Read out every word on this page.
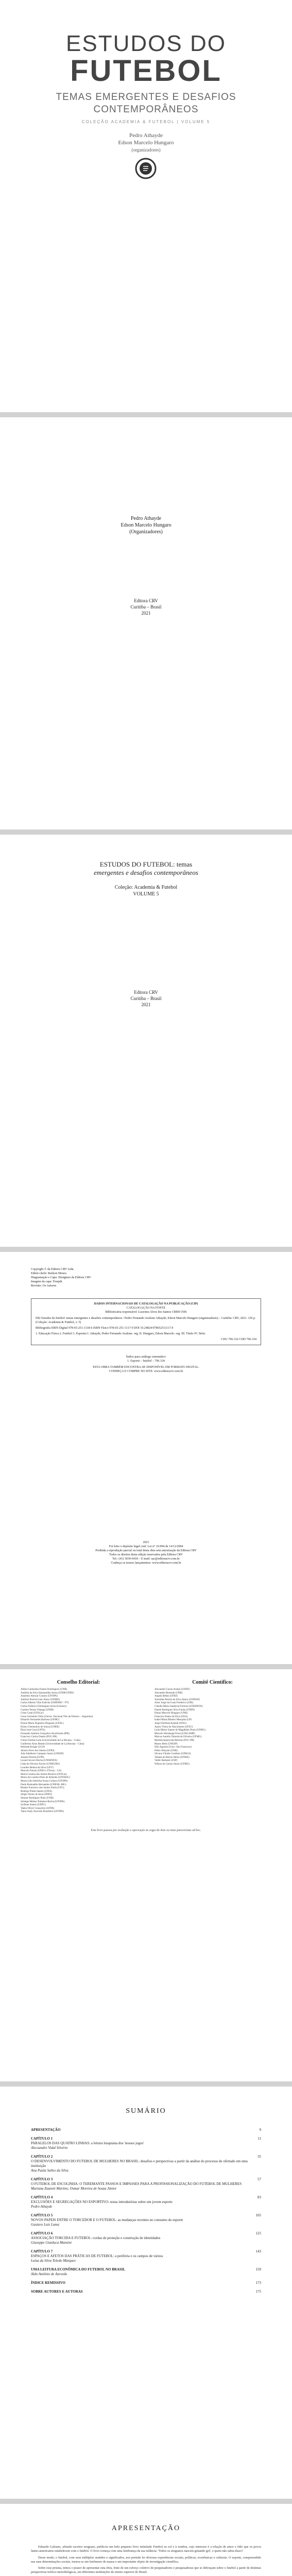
ESTUDOS DO
FUTEBOL
TEMAS EMERGENTES E DESAFIOS
CONTEMPORÂNEOS
COLEÇÃO ACADEMIA & FUTEBOL | VOLUME 5
Pedro Athayde
Edson Marcelo Hungaro
(organizadores)
Pedro Athayde
Edson Marcelo Hungaro
(Organizadores)
Editora CRV
Curitiba – Brasil
2021
ESTUDOS DO FUTEBOL: temas
emergentes e desafios contemporâneos
Coleção: Academia & Futebol
VOLUME 5
Editora CRV
Curitiba – Brasil
2021
Copyright © da Editora CRV Ltda.
Editor-chefe: Railson Moura
Diagramação e Capa: Designers da Editora CRV
Imagem da capa: Freepik
Revisão: Os Autores
DADOS INTERNACIONAIS DE CATALOGAÇÃO NA PUBLICAÇÃO (CIP)
CATALOGAÇÃO NA FONTE
Bibliotecária responsável: Luzenira Alves dos Santos CRB9/1506
E82 Estudos do futebol: temas emergentes e desafios contemporâneos / Pedro Fernando Avalone Athayde, Edson Marcelo Hungaro (organizadores) – Curitiba: CRV, 2021. 156 p. (Coleção: Academia & Futebol, v. 5)
Bibliografia ISBN Digital 978-65-251-1118-6 ISBN Físico 978-65-251-1117-9 DOI 10.24824/978652511117.9
1. Educação Física 2. Futebol 3. Esportes I. Athayde, Pedro Fernando Avalone. org. II. Hungaro, Edson Marcelo. org. III. Título IV. Série.
CDU 796.332 CDD 796.334
Índice para catálogo sistemático
1. Esporte – futebol – 796.334
ESTA OBRA TAMBÉM ENCONTRA-SE DISPONÍVEL EM FORMATO DIGITAL.
CONHEÇA E COMPRE NO SITE: www.editoracrv.com.br
2021
Foi feito o depósito legal conf. Lei n° 10.994 de 14/12/2004
Proibida a reprodução parcial ou total desta obra sem autorização da Editora CRV
Todos os direitos desta edição reservados pela Editora CRV
Tel.: (41) 3039-6418 – E-mail: sac@editoracrv.com.br
Conheça os nossos lançamentos: www.editoracrv.com.br
Conselho Editorial:
Aldira Guimarães Duarte Domínguez (UNB)
Andréia da Silva Quintanilha Sousa (UNIR/UFRN)
Anselmo Alencar Colares (UFOPA)
Antônio Pereira Gaio Júnior (UFRRJ)
Carlos Alberto Vilar Estêvão (UMINHO – PT)
Carlos Federico Dominguez Avila (Unieuro)
Carmen Tereza Velanga (UNIR)
Celso Conti (UFSCar)
Cesar Gerónimo Tello (Univer. Nacional Três de Febrero – Argentina)
Eduardo Fernandes Barbosa (UFMG)
Elione Maria Nogueira Diogenes (UFAL)
Elizeu Clementino de Souza (UNEB)
Élsio José Corá (UFFS)
Fernando Antônio Gonçalves Alcoforado (IPB)
Francisco Carlos Duarte (PUC-PR)
Gloria Fariñas León (Universidade de La Havana – Cuba)
Guillermo Arias Beatón (Universidade de La Havana – Cuba)
Helmuth Krüger (UCP)
Jailson Alves dos Santos (UFRJ)
João Adalberto Campato Junior (UNESP)
Josania Portela (UFPI)
Leonel Severo Rocha (UNISINOS)
Lídia de Oliveira Xavier (UNIEURO)
Lourdes Helena da Silva (UFV)
Marcelo Paixão (UFRJ e UTexas – US)
Maria Cristina dos Santos Bezerra (UFSCar)
Maria de Lourdes Pinto de Almeida (UNOESC)
Maria Lília Imbiriba Sousa Colares (UFOPA)
Paulo Romualdo Hernandes (UNIFAL-MG)
Renato Francisco dos Santos Paula (UFG)
Rodrigo Pratte-Santos (UFES)
Sérgio Nunes de Jesus (IFRO)
Simone Rodrigues Pinto (UNB)
Solange Helena Ximenes-Rocha (UFOPA)
Sydione Santos (UEPG)
Tadeu Oliver Gonçalves (UFPA)
Tania Suely Azevedo Brasileiro (UFOPA)
Comitê Científico:
Alexandre Garcia Araújo (UFMT)
Alexandre Rezende (UNB)
Angela Brêtas (UFRJ)
Arestides Pereira da Silva Júnior (UNIFAP)
Artur Jorge da Costa Frederico (UBI)
Cláudia Maria Sandoval Ferreira (UNISINOS)
Daniel Rodrigues Silva Farias (UFRN)
Edson Marcelo Hungaro (UNB)
Francisco Paulo da Silva (UEA)
Isabel Maria Ribeiro Mesquita (UP)
Jorge Dorfman Knijnik (WSU)
Juarez Vieira do Nascimento (UFSC)
Leila Mirtes Santos de Magalhães Pinto (UFMG)
Marcelo Weishaupt Proni (UNICAMP)
Marcus Aurelio Taborda de Oliveira (UFMG)
Marilda Aparecida Behrens (PUC-PR)
Mauro Betti (UNESP)
Nilo Agostini (Univ. São Francisco)
Pedro Athayde (UNB)
Silvana Vilodre Goellner (UFRGS)
Tatiana de Barros Abreu (UFMA)
Valdir Barbanti (USP)
Wilson do Carmo Júnior (UFMG)
Este livro passou por avaliação e aprovação às cegas de dois ou mais pareceristas ad hoc.
SUMÁRIO
APRESENTAÇÃO	9
CAPÍTULO 1	11
PARALELOS DAS QUATRO LINHAS: a leitura lusquiana dos 'nossos jogos'
Alecsandro Vidal Silvério
CAPÍTULO 2	35
O DESENVOLVIMENTO DO FUTEBOL DE MULHERES NO BRASIL: desafios e perspectivas a partir da análise do processo de ofertado em uma instituição
Ana Paula Salles da Silva
CAPÍTULO 3	57
O FUTEBOL DE ESCOLINHA: O TEREMANTE PASSOS E IMPASSES PARA A PROFISSIONALIZAÇÃO DO FUTEBOL DE MULHERES
Mariana Zuaneti Martins; Osmar Moreira de Souza Júnior
CAPÍTULO 4	83
EXCLUSÕES E SEGREGAÇÕES NO ESPORTIVO: notas introdutórias sobre um jovem esporte
Pedro Athayde
CAPÍTULO 5	105
NOVOS PAPEIS ENTRE O TORCEDOR E O FUTEBOL: as mudanças recentes no consumo do esporte
Gustavo Luis Luma
CAPÍTULO 6	125
ASSOCIAÇÃO TORCIDA E FUTEBOL: cordas de proteção e construção de identidades
Giuseppe Gianluca Mansini
CAPÍTULO 7	143
ESPAÇOS E AFETOS DAS PRÁTICAS DE FUTEBOL: a periferia e os campos de várzea
Luísa da Silva Toledo Marques
UMA LEITURA ECONÔMICA DO FUTEBOL NO BRASIL	159
Aldo Antônio de Azevedo
ÍNDICE REMISSIVO	173
SOBRE AUTORES E AUTORAS	175
APRESENTAÇÃO

Eduardo Galeano, afinado escritor uruguaio, publicou um belo pequeno livro intitulado Futebol ao sol e à sombra, cujo interesse é a relação de amor e ódio que os povos latino-americanos estabelecem com o futebol. O livro começa com uma lembrança da sua infância: 'Todos os uruguaios nascem gritando gol', e quem não sabia disso?

Desse modo, o futebol, com seus múltiplos sentidos e significados, nos permite ler diversas experiências sociais, políticas, econômicas e culturais. O esporte, compreendido nas suas determinações sociais, tornou-se um fenômeno de massa e um importante objeto de investigação científica.

Sobre esse prisma, temos o prazer de apresentar esta obra, fruto de um esforço coletivo de pesquisadores e pesquisadoras que se debruçam sobre o futebol a partir de distintas perspectivas teórico-metodológicas, em diferentes instituições de ensino superior do Brasil.
